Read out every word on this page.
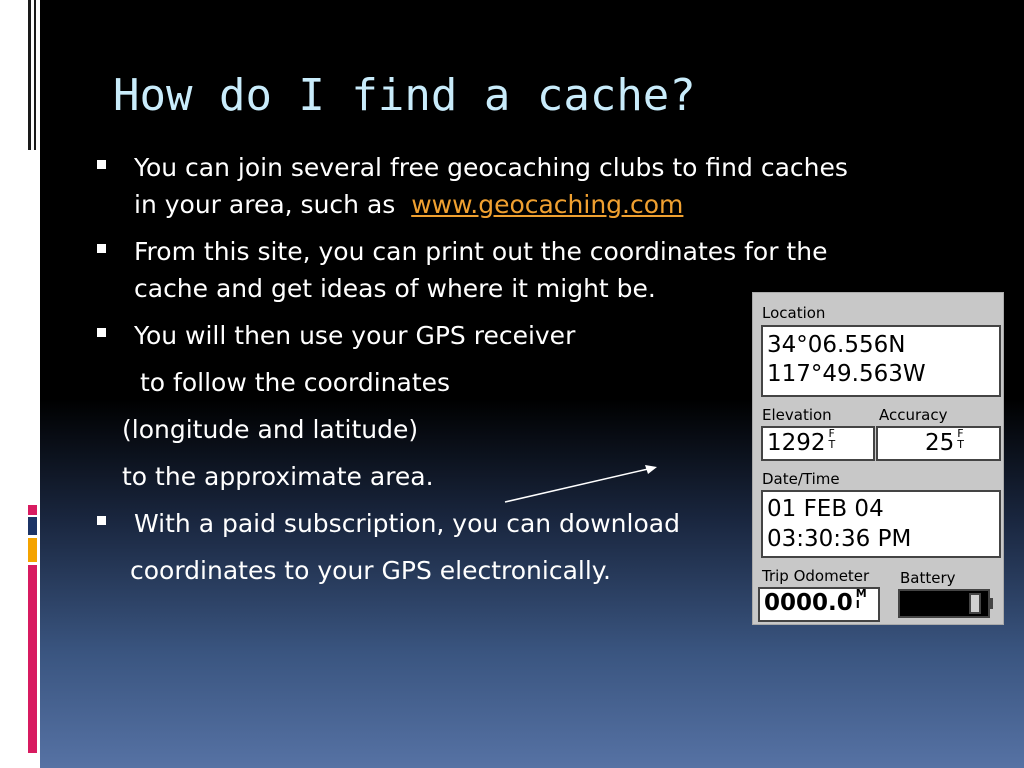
How do I find a cache?
You can join several free geocaching clubs to find caches
in your area, such as www.geocaching.com
From this site, you can print out the coordinates for the
cache and get ideas of where it might be.
You will then use your GPS receiver
to follow the coordinates
(longitude and latitude)
to the approximate area.
With a paid subscription, you can download
coordinates to your GPS electronically.
Location
34°06.556N
117°49.563W
Elevation	Accuracy
1292 F T	25 F T
Date/Time
01 FEB 04
03:30:36 PM
Trip Odometer Battery
0000.0 M I
